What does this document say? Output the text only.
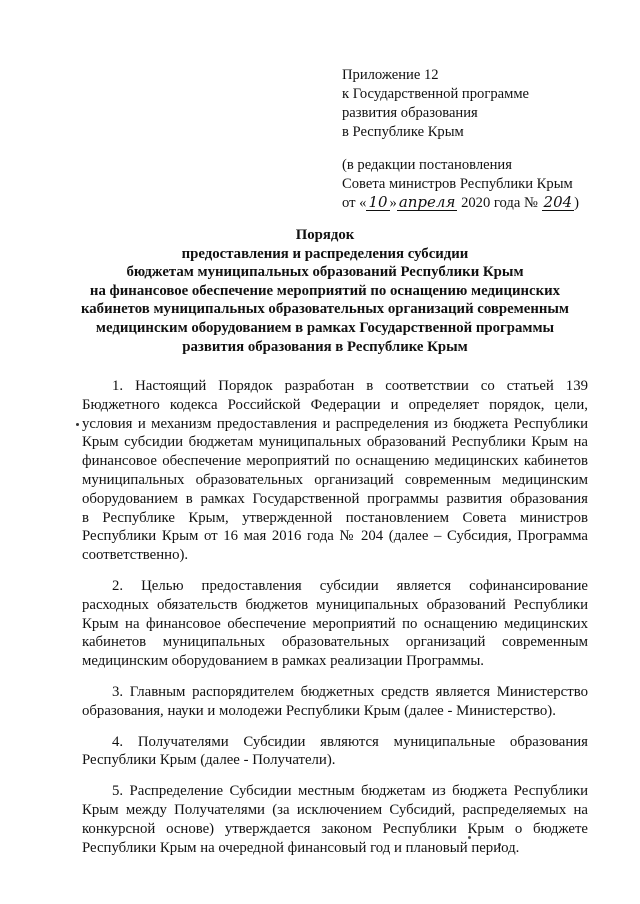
Приложение 12
к Государственной программе
развития образования
в Республике Крым
(в редакции постановления
Совета министров Республики Крым
от « 10 » апреля 2020 года № 204 )
Порядок
предоставления и распределения субсидии
бюджетам муниципальных образований Республики Крым
на финансовое обеспечение мероприятий по оснащению медицинских
кабинетов муниципальных образовательных организаций современным
медицинским оборудованием в рамках Государственной программы
развития образования в Республике Крым
1. Настоящий Порядок разработан в соответствии со статьей 139
Бюджетного кодекса Российской Федерации и определяет порядок, цели,
условия и механизм предоставления и распределения из бюджета Республики
Крым субсидии бюджетам муниципальных образований Республики Крым на
финансовое обеспечение мероприятий по оснащению медицинских кабинетов
муниципальных образовательных организаций современным медицинским
оборудованием в рамках Государственной программы развития образования
в Республике Крым, утвержденной постановлением Совета министров
Республики Крым от 16 мая 2016 года № 204 (далее – Субсидия, Программа
соответственно).
2. Целью предоставления субсидии является софинансирование
расходных обязательств бюджетов муниципальных образований Республики
Крым на финансовое обеспечение мероприятий по оснащению медицинских
кабинетов муниципальных образовательных организаций современным
медицинским оборудованием в рамках реализации Программы.
3. Главным распорядителем бюджетных средств является Министерство
образования, науки и молодежи Республики Крым (далее - Министерство).
4. Получателями Субсидии являются муниципальные образования
Республики Крым (далее - Получатели).
5. Распределение Субсидии местным бюджетам из бюджета Республики
Крым между Получателями (за исключением Субсидий, распределяемых на
конкурсной основе) утверждается законом Республики Крым о бюджете
Республики Крым на очередной финансовый год и плановый период.
